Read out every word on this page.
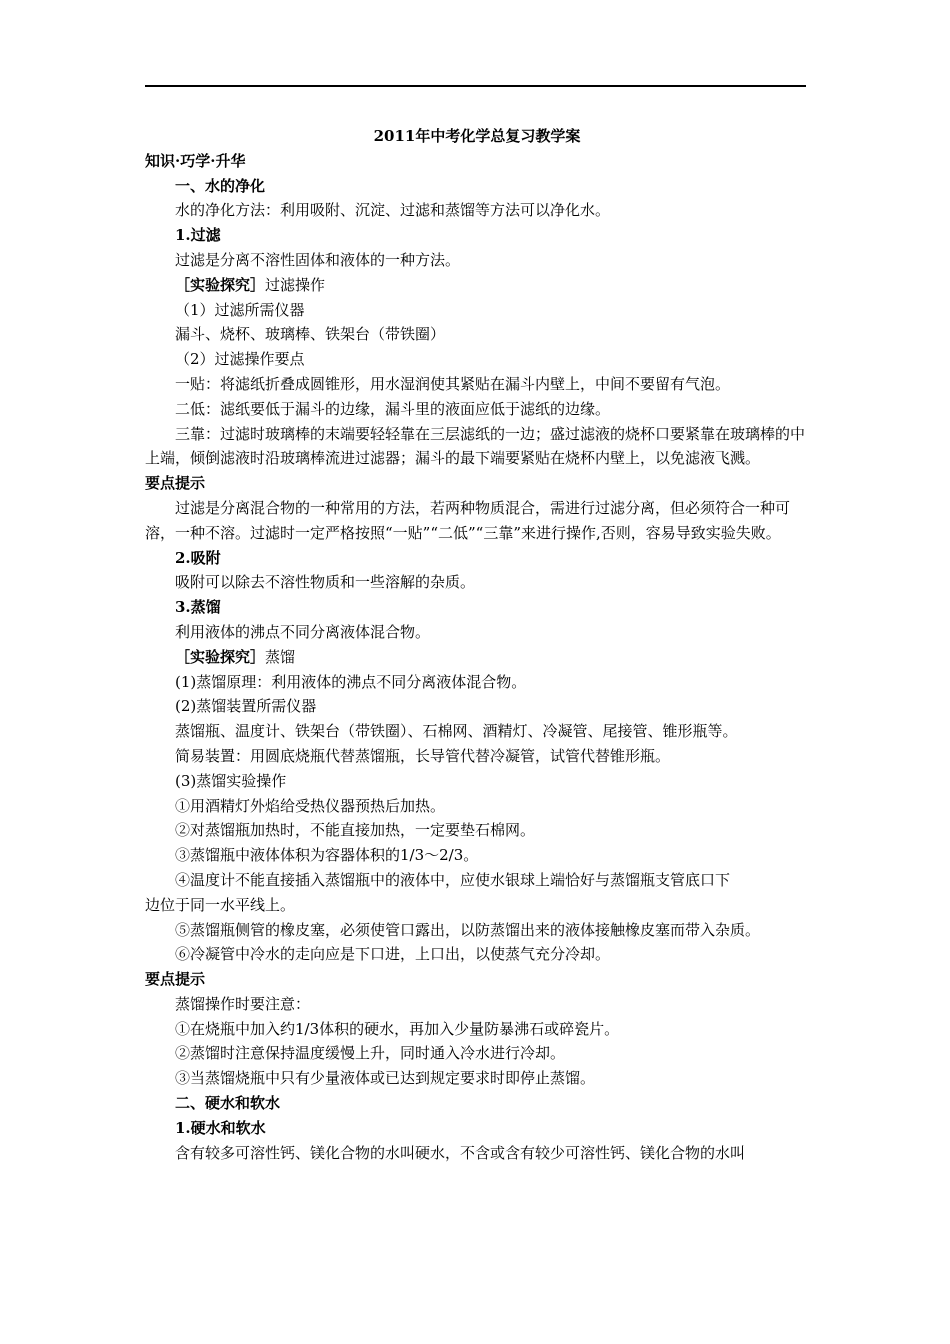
2011年中考化学总复习教学案

知识·巧学·升华

一、水的净化

水的净化方法：利用吸附、沉淀、过滤和蒸馏等方法可以净化水。

1.过滤

过滤是分离不溶性固体和液体的一种方法。

［实验探究］过滤操作

（1）过滤所需仪器

漏斗、烧杯、玻璃棒、铁架台（带铁圈）

（2）过滤操作要点

一贴：将滤纸折叠成圆锥形，用水湿润使其紧贴在漏斗内壁上，中间不要留有气泡。

二低：滤纸要低于漏斗的边缘，漏斗里的液面应低于滤纸的边缘。

三靠：过滤时玻璃棒的末端要轻轻靠在三层滤纸的一边；盛过滤液的烧杯口要紧靠在玻璃棒的中上端，倾倒滤液时沿玻璃棒流进过滤器；漏斗的最下端要紧贴在烧杯内壁上，以免滤液飞溅。

要点提示

过滤是分离混合物的一种常用的方法，若两种物质混合，需进行过滤分离，但必须符合一种可溶，一种不溶。过滤时一定严格按照“一贴”“二低”“三靠”来进行操作,否则，容易导致实验失败。

2.吸附

吸附可以除去不溶性物质和一些溶解的杂质。

3.蒸馏

利用液体的沸点不同分离液体混合物。

［实验探究］蒸馏

(1)蒸馏原理：利用液体的沸点不同分离液体混合物。

(2)蒸馏装置所需仪器

蒸馏瓶、温度计、铁架台（带铁圈）、石棉网、酒精灯、冷凝管、尾接管、锥形瓶等。

简易装置：用圆底烧瓶代替蒸馏瓶，长导管代替冷凝管，试管代替锥形瓶。

(3)蒸馏实验操作

①用酒精灯外焰给受热仪器预热后加热。

②对蒸馏瓶加热时，不能直接加热，一定要垫石棉网。

③蒸馏瓶中液体体积为容器体积的1/3～2/3。

④温度计不能直接插入蒸馏瓶中的液体中，应使水银球上端恰好与蒸馏瓶支管底口下

边位于同一水平线上。

⑤蒸馏瓶侧管的橡皮塞，必须使管口露出，以防蒸馏出来的液体接触橡皮塞而带入杂质。

⑥冷凝管中冷水的走向应是下口进，上口出，以使蒸气充分冷却。

要点提示

蒸馏操作时要注意：

①在烧瓶中加入约1/3体积的硬水，再加入少量防暴沸石或碎瓷片。

②蒸馏时注意保持温度缓慢上升，同时通入冷水进行冷却。

③当蒸馏烧瓶中只有少量液体或已达到规定要求时即停止蒸馏。

二、硬水和软水

1.硬水和软水

含有较多可溶性钙、镁化合物的水叫硬水，不含或含有较少可溶性钙、镁化合物的水叫
